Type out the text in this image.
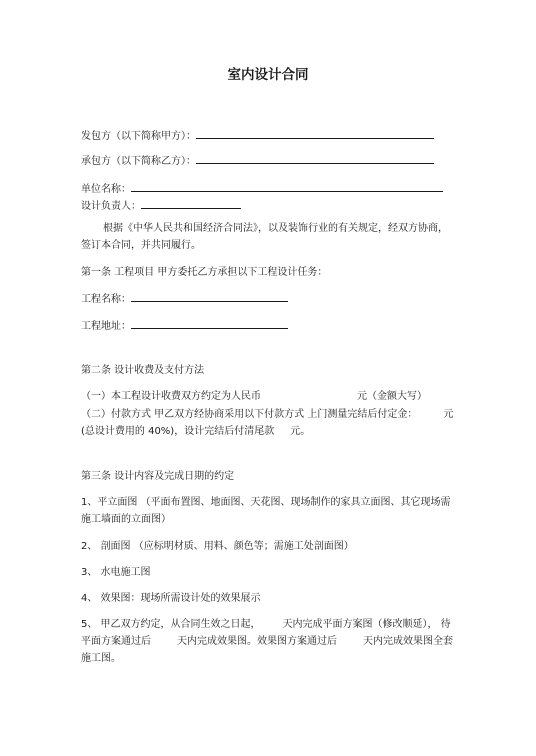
室内设计合同
发包方（以下简称甲方）：
承包方（以下简称乙方）：
单位名称：
设计负责人：
根据《中华人民共和国经济合同法》，以及装饰行业的有关规定，经双方协商，
签订本合同，并共同履行。
第一条 工程项目 甲方委托乙方承担以下工程设计任务：
工程名称：
工程地址：
第二条 设计收费及支付方法
（一）本工程设计收费双方约定为人民币	元（金额大写）
（二）付款方式 甲乙双方经协商采用以下付款方式 上门测量完结后付定金：	元
(总设计费用的 40%)，设计完结后付清尾款 元。
第三条 设计内容及完成日期的约定
1、平立面图 （平面布置图、地面图、天花图、现场制作的家具立面图、其它现场需
施工墙面的立面图）
2、 剖面图 （应标明材质、用料、颜色等；需施工处剖面图）
3、 水电施工图
4、 效果图：现场所需设计处的效果展示
5、 甲乙双方约定，从合同生效之日起， 天内完成平面方案图（修改顺延）， 待
平面方案通过后	天内完成效果图。效果图方案通过后	天内完成效果图全套
施工图。
